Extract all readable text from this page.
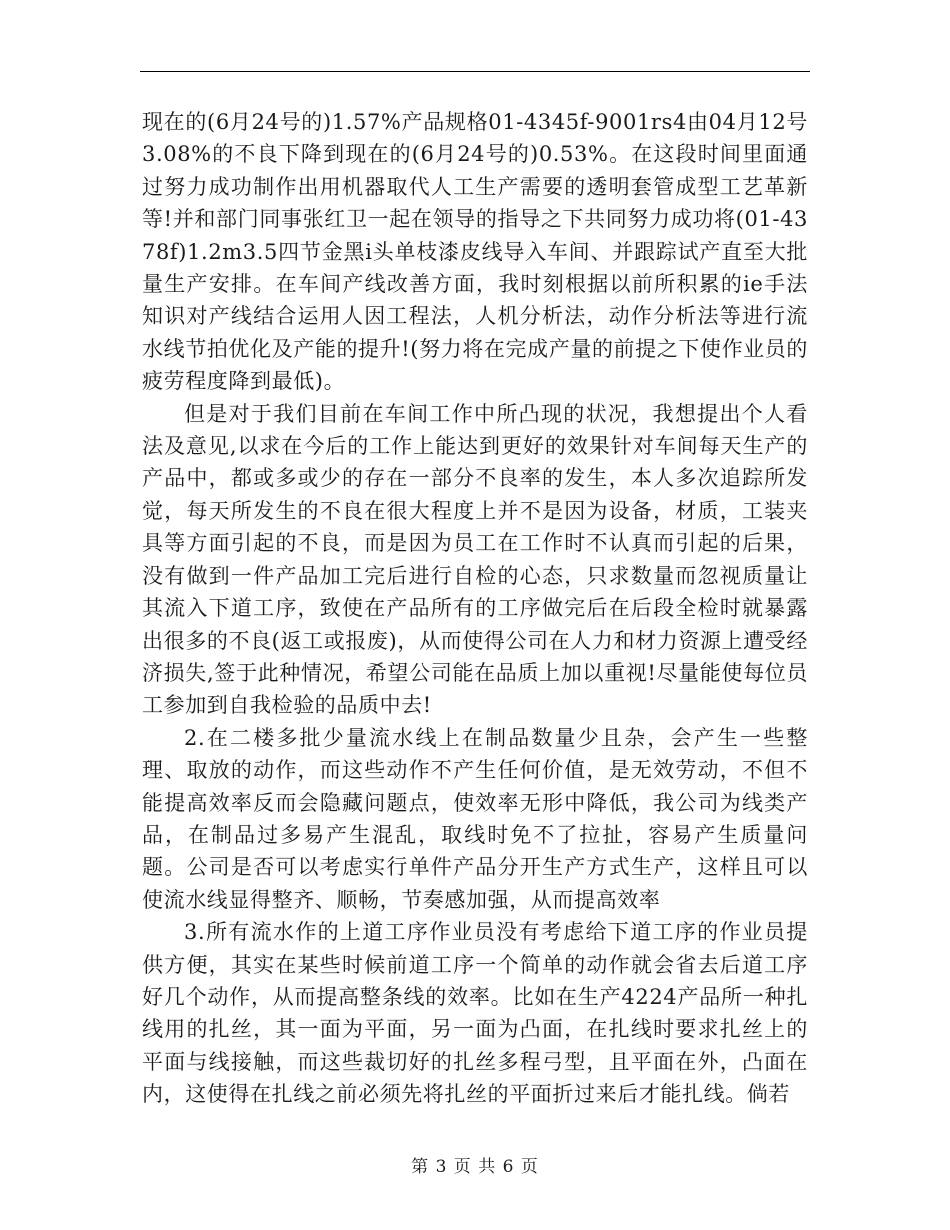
现在的(6月24号的)1.57%产品规格01-4345f-9001rs4由04月12号3.08%的不良下降到现在的(6月24号的)0.53%。在这段时间里面通过努力成功制作出用机器取代人工生产需要的透明套管成型工艺革新等!并和部门同事张红卫一起在领导的指导之下共同努力成功将(01-4378f)1.2m3.5四节金黑i头单枝漆皮线导入车间、并跟踪试产直至大批量生产安排。在车间产线改善方面，我时刻根据以前所积累的ie手法知识对产线结合运用人因工程法，人机分析法，动作分析法等进行流水线节拍优化及产能的提升!(努力将在完成产量的前提之下使作业员的疲劳程度降到最低)。

但是对于我们目前在车间工作中所凸现的状况，我想提出个人看法及意见,以求在今后的工作上能达到更好的效果针对车间每天生产的产品中，都或多或少的存在一部分不良率的发生，本人多次追踪所发觉，每天所发生的不良在很大程度上并不是因为设备，材质，工装夹具等方面引起的不良，而是因为员工在工作时不认真而引起的后果，没有做到一件产品加工完后进行自检的心态，只求数量而忽视质量让其流入下道工序，致使在产品所有的工序做完后在后段全检时就暴露出很多的不良(返工或报废)，从而使得公司在人力和材力资源上遭受经济损失,签于此种情况，希望公司能在品质上加以重视!尽量能使每位员工参加到自我检验的品质中去!

2.在二楼多批少量流水线上在制品数量少且杂，会产生一些整理、取放的动作，而这些动作不产生任何价值，是无效劳动，不但不能提高效率反而会隐藏问题点，使效率无形中降低，我公司为线类产品，在制品过多易产生混乱，取线时免不了拉扯，容易产生质量问题。公司是否可以考虑实行单件产品分开生产方式生产，这样且可以使流水线显得整齐、顺畅，节奏感加强，从而提高效率

3.所有流水作的上道工序作业员没有考虑给下道工序的作业员提供方便，其实在某些时候前道工序一个简单的动作就会省去后道工序好几个动作，从而提高整条线的效率。比如在生产4224产品所一种扎线用的扎丝，其一面为平面，另一面为凸面，在扎线时要求扎丝上的平面与线接触，而这些裁切好的扎丝多程弓型，且平面在外，凸面在内，这使得在扎线之前必须先将扎丝的平面折过来后才能扎线。倘若

第 3 页 共 6 页
